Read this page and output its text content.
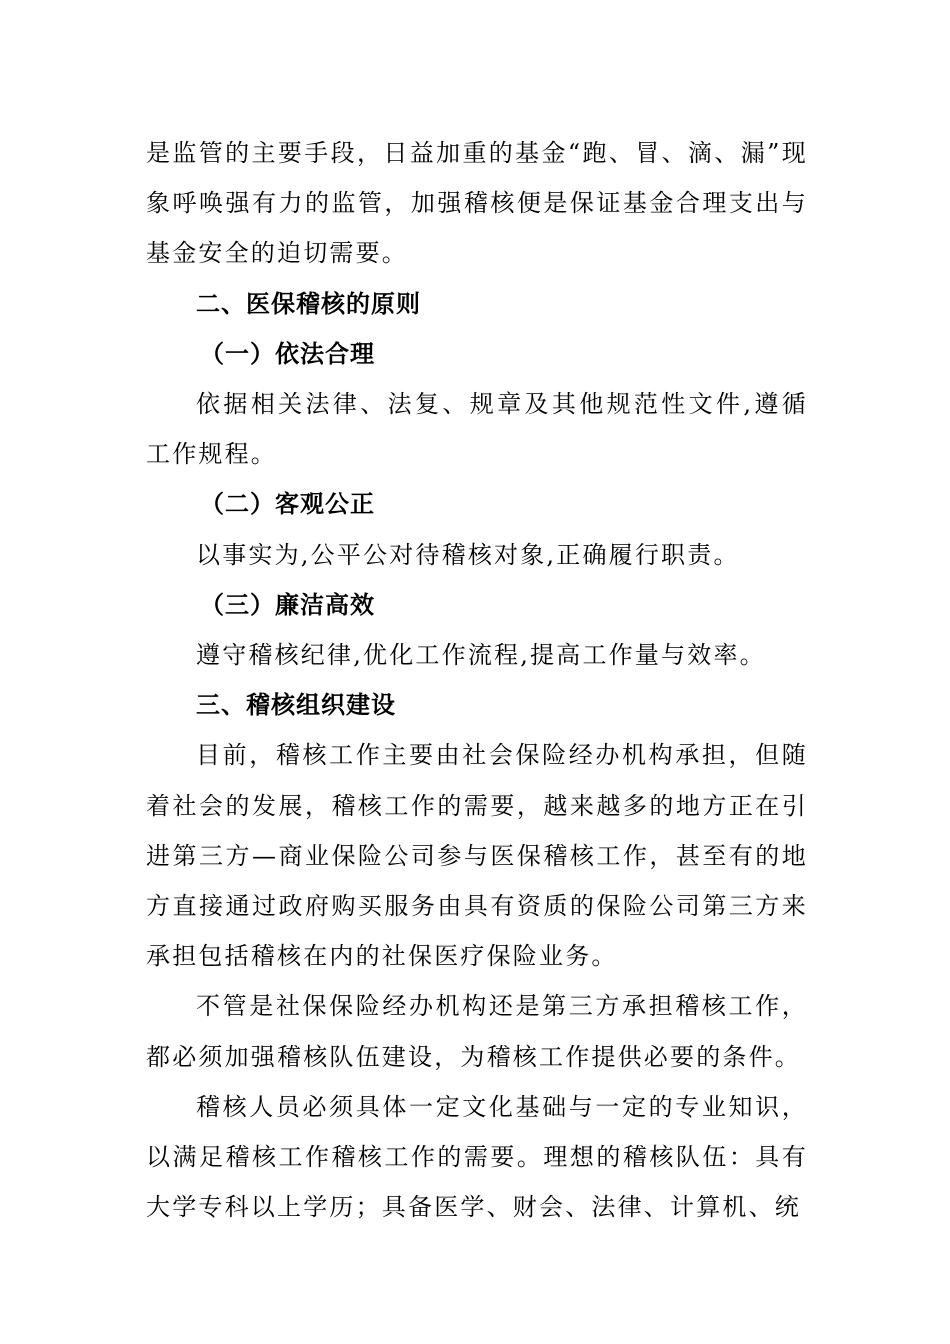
是监管的主要手段，日益加重的基金“跑、冒、滴、漏”现象呼唤强有力的监管，加强稽核便是保证基金合理支出与基金安全的迫切需要。

二、医保稽核的原则

（一）依法合理

依据相关法律、法复、规章及其他规范性文件,遵循工作规程。

（二）客观公正

以事实为,公平公对待稽核对象,正确履行职责。

（三）廉洁高效

遵守稽核纪律,优化工作流程,提高工作量与效率。

三、稽核组织建设

目前，稽核工作主要由社会保险经办机构承担，但随着社会的发展，稽核工作的需要，越来越多的地方正在引进第三方—商业保险公司参与医保稽核工作，甚至有的地方直接通过政府购买服务由具有资质的保险公司第三方来承担包括稽核在内的社保医疗保险业务。

不管是社保保险经办机构还是第三方承担稽核工作，都必须加强稽核队伍建设，为稽核工作提供必要的条件。

稽核人员必须具体一定文化基础与一定的专业知识，以满足稽核工作稽核工作的需要。理想的稽核队伍：具有大学专科以上学历；具备医学、财会、法律、计算机、统
